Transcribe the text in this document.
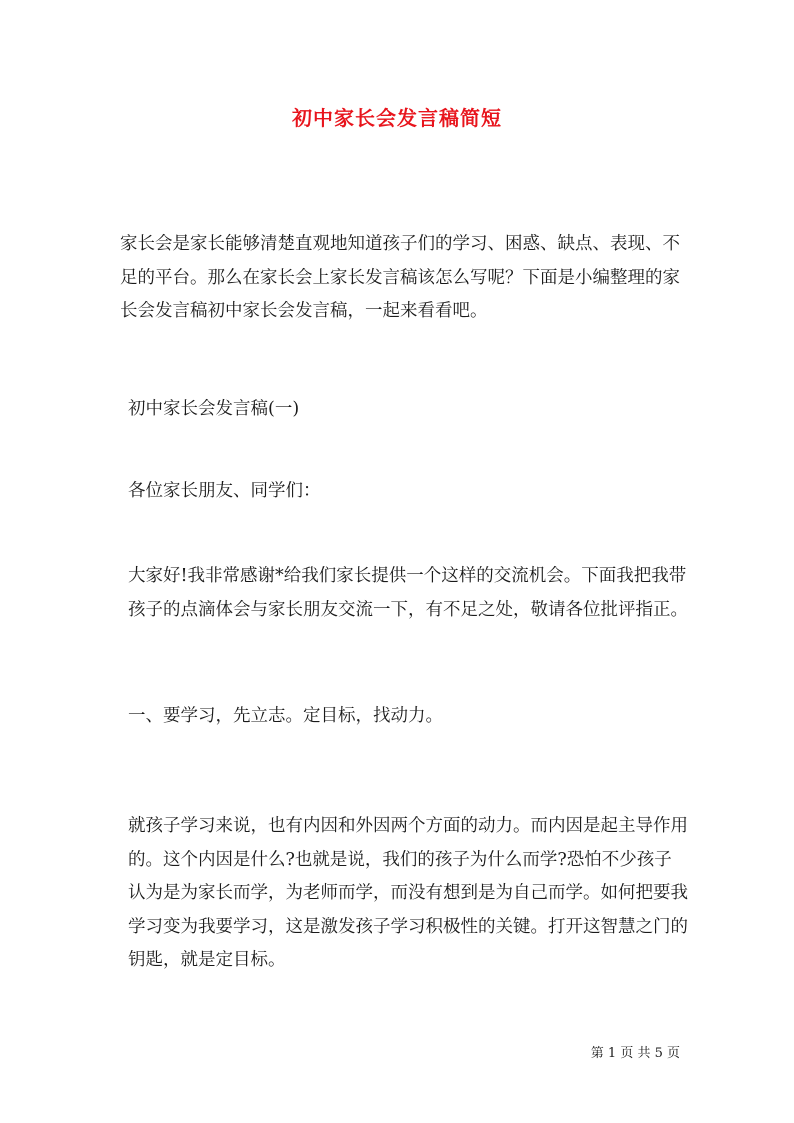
初中家长会发言稿简短

家长会是家长能够清楚直观地知道孩子们的学习、困惑、缺点、表现、不足的平台。那么在家长会上家长发言稿该怎么写呢？下面是小编整理的家长会发言稿初中家长会发言稿，一起来看看吧。

初中家长会发言稿(一)

各位家长朋友、同学们：

大家好!我非常感谢*给我们家长提供一个这样的交流机会。下面我把我带孩子的点滴体会与家长朋友交流一下，有不足之处，敬请各位批评指正。

一、要学习，先立志。定目标，找动力。

就孩子学习来说，也有内因和外因两个方面的动力。而内因是起主导作用的。这个内因是什么?也就是说，我们的孩子为什么而学?恐怕不少孩子认为是为家长而学，为老师而学，而没有想到是为自己而学。如何把要我学习变为我要学习，这是激发孩子学习积极性的关键。打开这智慧之门的钥匙，就是定目标。

第 1 页 共 5 页
